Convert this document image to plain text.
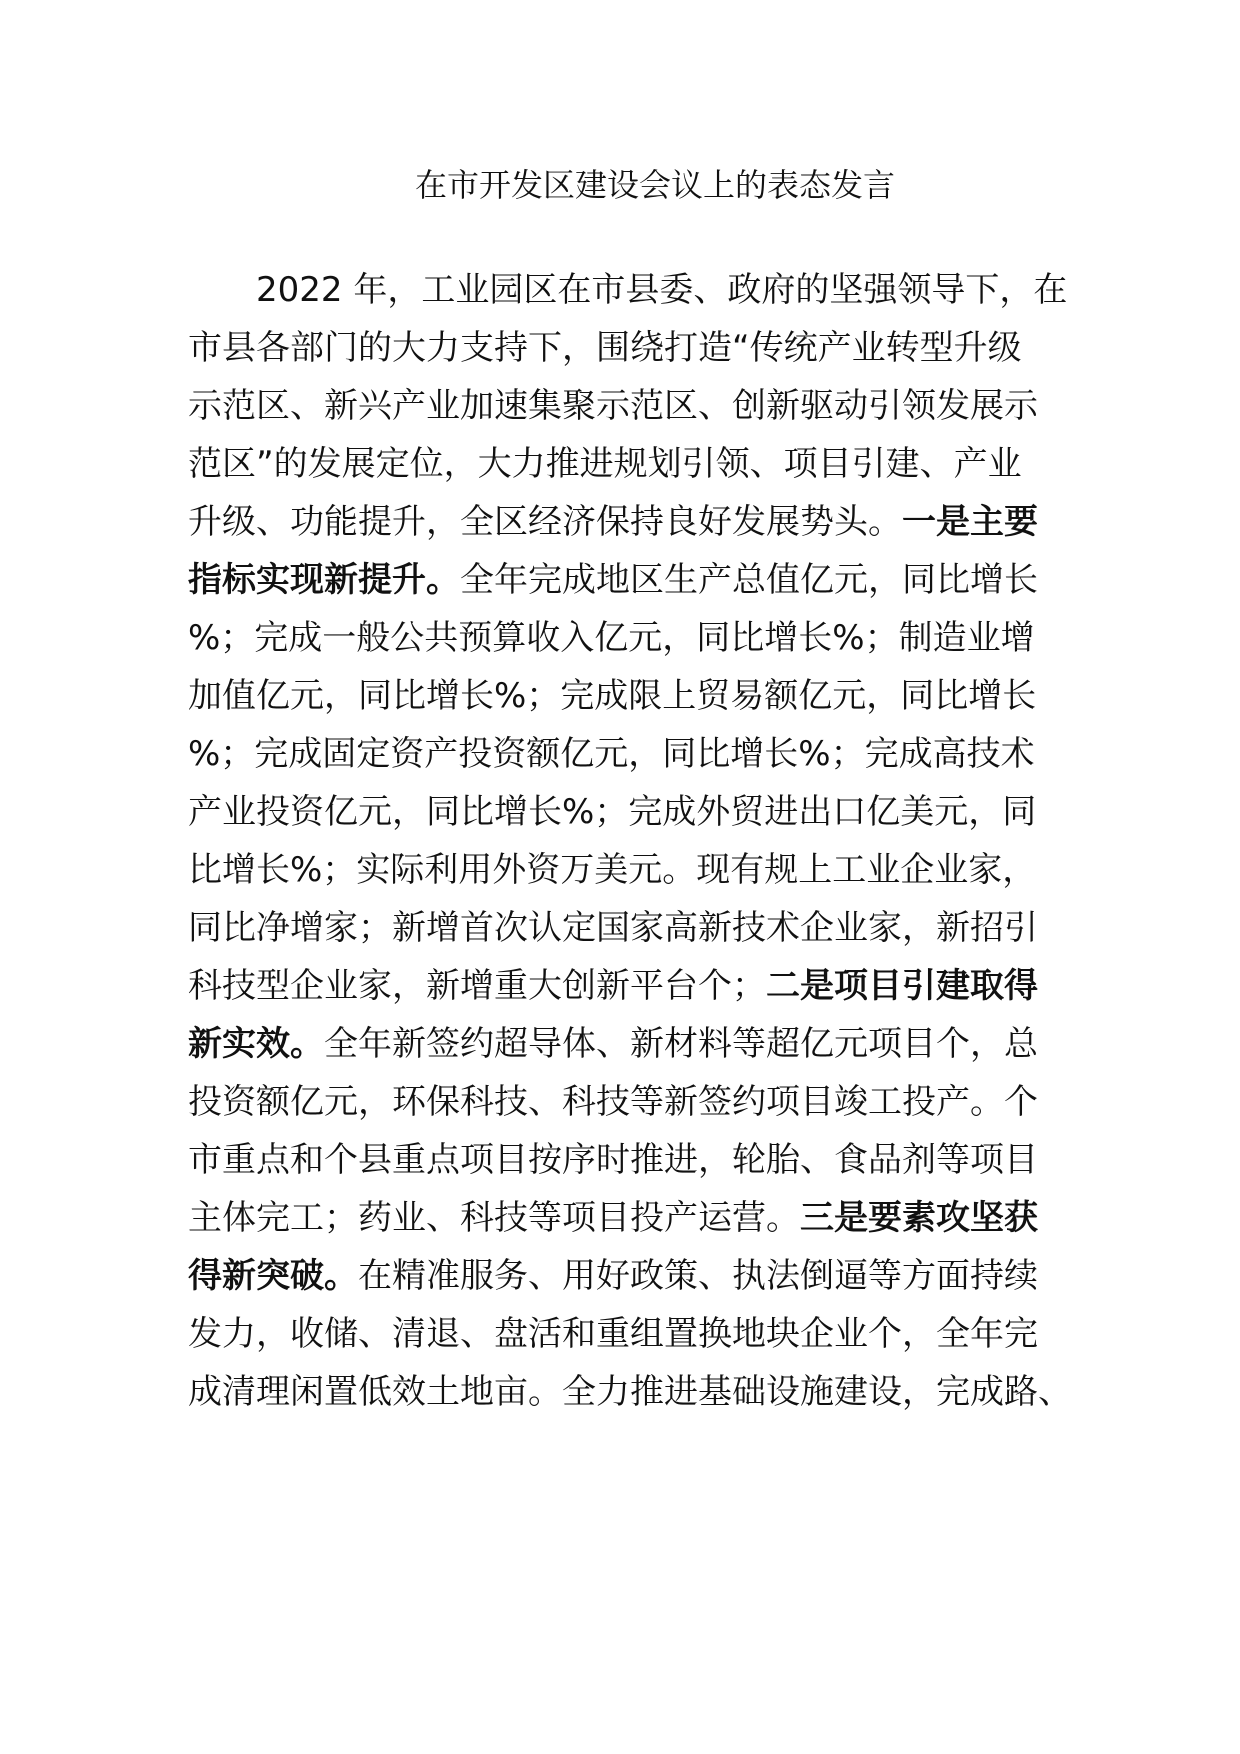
在市开发区建设会议上的表态发言
2022 年，工业园区在市县委、政府的坚强领导下，在
市县各部门的大力支持下，围绕打造“传统产业转型升级
示范区、新兴产业加速集聚示范区、创新驱动引领发展示
范区”的发展定位，大力推进规划引领、项目引建、产业
升级、功能提升，全区经济保持良好发展势头。一是主要
指标实现新提升。全年完成地区生产总值亿元，同比增长
%；完成一般公共预算收入亿元，同比增长%；制造业增
加值亿元，同比增长%；完成限上贸易额亿元，同比增长
%；完成固定资产投资额亿元，同比增长%；完成高技术
产业投资亿元，同比增长%；完成外贸进出口亿美元，同
比增长%；实际利用外资万美元。现有规上工业企业家，
同比净增家；新增首次认定国家高新技术企业家，新招引
科技型企业家，新增重大创新平台个；二是项目引建取得
新实效。全年新签约超导体、新材料等超亿元项目个，总
投资额亿元，环保科技、科技等新签约项目竣工投产。个
市重点和个县重点项目按序时推进，轮胎、食品剂等项目
主体完工；药业、科技等项目投产运营。三是要素攻坚获
得新突破。在精准服务、用好政策、执法倒逼等方面持续
发力，收储、清退、盘活和重组置换地块企业个，全年完
成清理闲置低效土地亩。全力推进基础设施建设，完成路、
